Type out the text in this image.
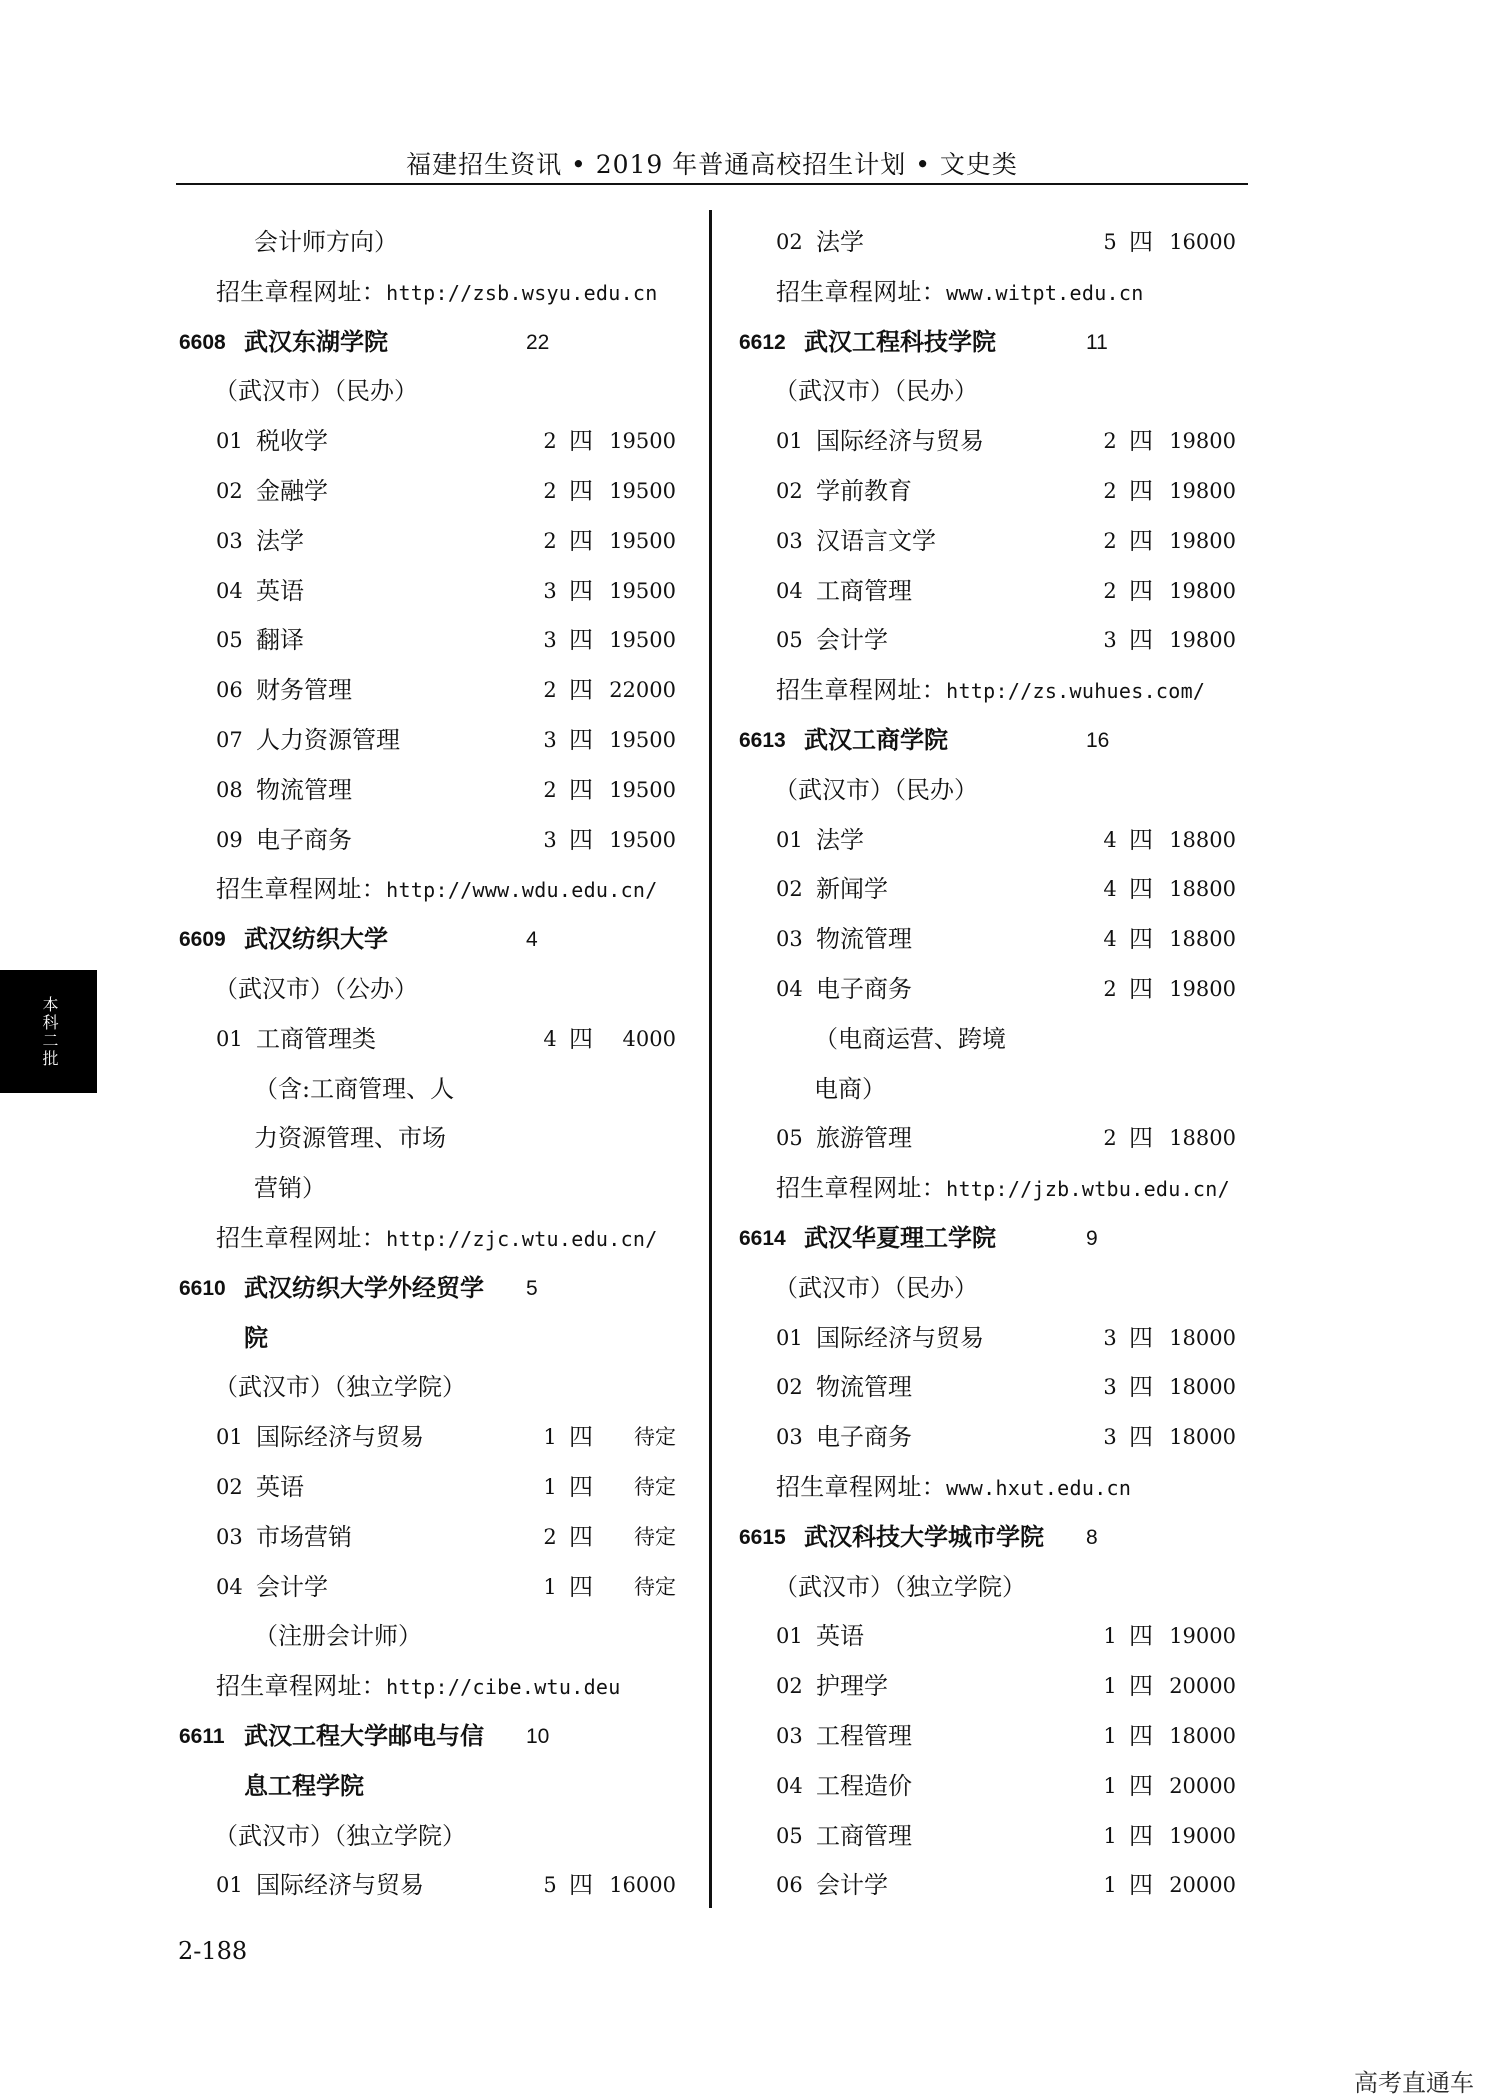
福建招生资讯 • 2019 年普通高校招生计划 • 文史类
会计师方向）
招生章程网址：http://zsb.wsyu.edu.cn
6608 武汉东湖学院	22
（武汉市）（民办）
01 税收学	2 四 19500
02 金融学	2 四 19500
03 法学	2 四 19500
04 英语	3 四 19500
05 翻译	3 四 19500
06 财务管理	2 四 22000
07 人力资源管理	3 四 19500
08 物流管理	2 四 19500
09 电子商务	3 四 19500
招生章程网址：http://www.wdu.edu.cn/
6609 武汉纺织大学	4
（武汉市）（公办）
01 工商管理类	4 四 4000
（含:工商管理、人
力资源管理、市场
营销）
招生章程网址：http://zjc.wtu.edu.cn/
6610 武汉纺织大学外经贸学 5
院
（武汉市）（独立学院）
01 国际经济与贸易	1 四 待定
02 英语	1 四 待定
03 市场营销	2 四 待定
04 会计学	1 四 待定
（注册会计师）
招生章程网址：http://cibe.wtu.deu
6611 武汉工程大学邮电与信 10
息工程学院
（武汉市）（独立学院）
01 国际经济与贸易	5 四 16000
02 法学	5 四 16000
招生章程网址：www.witpt.edu.cn
6612 武汉工程科技学院	11
（武汉市）（民办）
01 国际经济与贸易	2 四 19800
02 学前教育	2 四 19800
03 汉语言文学	2 四 19800
04 工商管理	2 四 19800
05 会计学	3 四 19800
招生章程网址：http://zs.wuhues.com/
6613 武汉工商学院	16
（武汉市）（民办）
01 法学	4 四 18800
02 新闻学	4 四 18800
03 物流管理	4 四 18800
04 电子商务	2 四 19800
（电商运营、跨境
电商）
05 旅游管理	2 四 18800
招生章程网址：http://jzb.wtbu.edu.cn/
6614 武汉华夏理工学院	9
（武汉市）（民办）
01 国际经济与贸易	3 四 18000
02 物流管理	3 四 18000
03 电子商务	3 四 18000
招生章程网址：www.hxut.edu.cn
6615 武汉科技大学城市学院 8
（武汉市）（独立学院）
01 英语	1 四 19000
02 护理学	1 四 20000
03 工程管理	1 四 18000
04 工程造价	1 四 20000
05 工商管理	1 四 19000
06 会计学	1 四 20000
本科二批
2-188
高考直通车
